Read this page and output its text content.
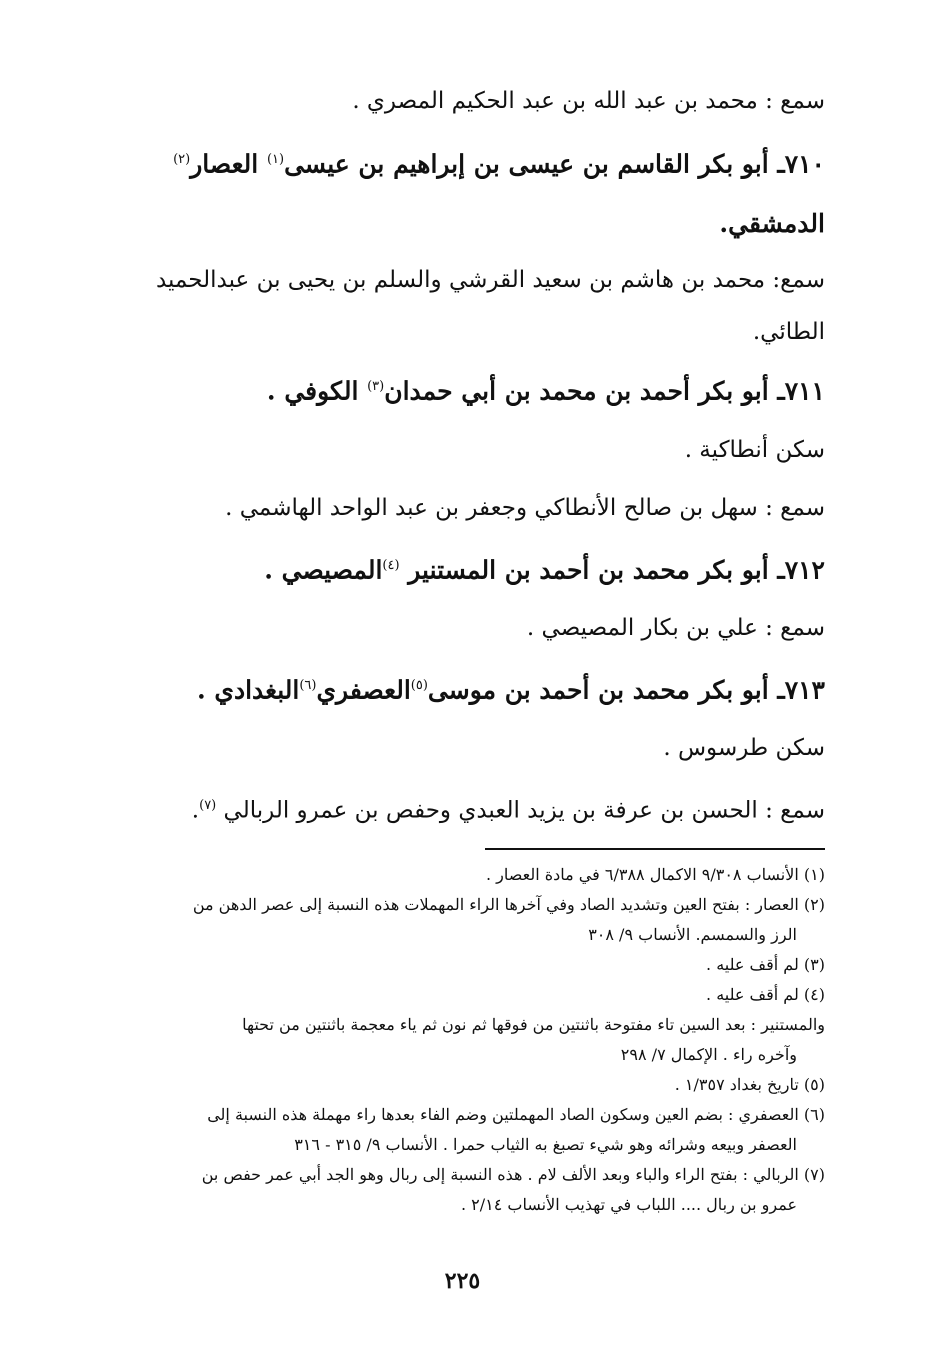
سمع : محمد بن عبد الله بن عبد الحكيم المصري .
٧١٠ـ أبو بكر القاسم بن عيسى بن إبراهيم بن عيسى$^{(١)}$ العصار$^{(٢)}$
الدمشقي.
سمع: محمد بن هاشم بن سعيد القرشي والسلم بن يحيى بن عبدالحميد
الطائي.
٧١١ـ أبو بكر أحمد بن محمد بن أبي حمدان$^{(٣)}$ الكوفي .
سكن أنطاكية .
سمع : سهل بن صالح الأنطاكي وجعفر بن عبد الواحد الهاشمي .
٧١٢ـ أبو بكر محمد بن أحمد بن المستنير $^{(٤)}$المصيصي .
سمع : علي بن بكار المصيصي .
٧١٣ـ أبو بكر محمد بن أحمد بن موسى$^{(٥)}$العصفري$^{(٦)}$البغدادي .
سكن طرسوس .
سمع : الحسن بن عرفة بن يزيد العبدي وحفص بن عمرو الربالي $^{(٧)}$.
(١) الأنساب ٩/٣٠٨ الاكمال ٦/٣٨٨ في مادة العصار .
(٢) العصار : بفتح العين وتشديد الصاد وفي آخرها الراء المهملات هذه النسبة إلى عصر الدهن من
الرز والسمسم. الأنساب ٩/ ٣٠٨
(٣) لم أقف عليه .
(٤) لم أقف عليه .
والمستنير : بعد السين تاء مفتوحة باثنتين من فوقها ثم نون ثم ياء معجمة باثنتين من تحتها
وآخره راء . الإكمال ٧/ ٢٩٨
(٥) تاريخ بغداد ١/٣٥٧ .
(٦) العصفري : بضم العين وسكون الصاد المهملتين وضم الفاء بعدها راء مهملة هذه النسبة إلى
العصفر وبيعه وشرائه وهو شيء تصبغ به الثياب حمرا . الأنساب ٩/ ٣١٥ - ٣١٦
(٧) الربالي : بفتح الراء والباء وبعد الألف لام . هذه النسبة إلى ربال وهو الجد أبي عمر حفص بن
عمرو بن ربال .... اللباب في تهذيب الأنساب ٢/١٤ .
٢٢٥
